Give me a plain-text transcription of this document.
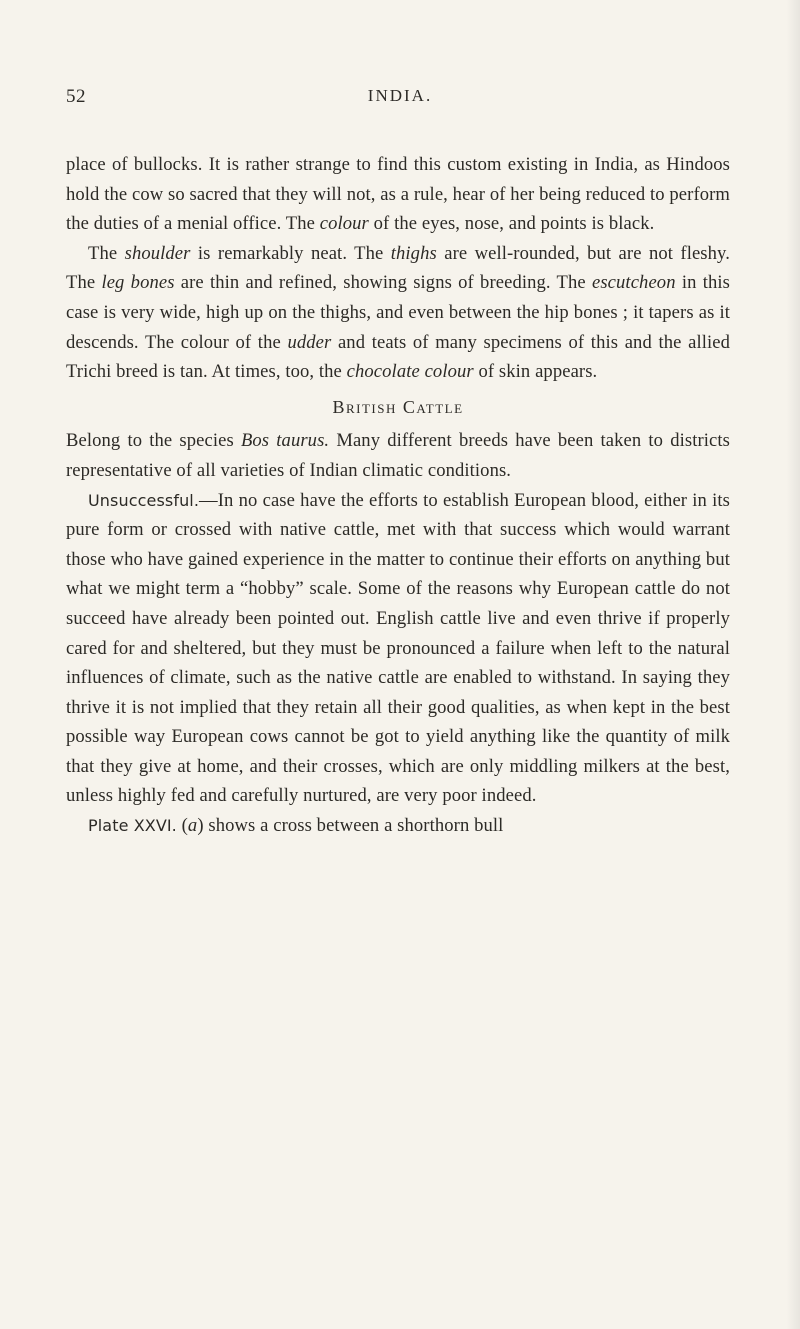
52	INDIA.

place of bullocks. It is rather strange to find this custom existing in India, as Hindoos hold the cow so sacred that they will not, as a rule, hear of her being reduced to perform the duties of a menial office. The colour of the eyes, nose, and points is black.

The shoulder is remarkably neat. The thighs are well-rounded, but are not fleshy. The leg bones are thin and refined, showing signs of breeding. The escutcheon in this case is very wide, high up on the thighs, and even between the hip bones ; it tapers as it descends. The colour of the udder and teats of many specimens of this and the allied Trichi breed is tan. At times, too, the chocolate colour of skin appears.

British Cattle

Belong to the species Bos taurus. Many different breeds have been taken to districts representative of all varieties of Indian climatic conditions.

Unsuccessful.—In no case have the efforts to establish European blood, either in its pure form or crossed with native cattle, met with that success which would warrant those who have gained experience in the matter to continue their efforts on anything but what we might term a “hobby” scale. Some of the reasons why European cattle do not succeed have already been pointed out. English cattle live and even thrive if properly cared for and sheltered, but they must be pronounced a failure when left to the natural influences of climate, such as the native cattle are enabled to withstand. In saying they thrive it is not implied that they retain all their good qualities, as when kept in the best possible way European cows cannot be got to yield anything like the quantity of milk that they give at home, and their crosses, which are only middling milkers at the best, unless highly fed and carefully nurtured, are very poor indeed.

Plate XXVI. (a) shows a cross between a shorthorn bull
